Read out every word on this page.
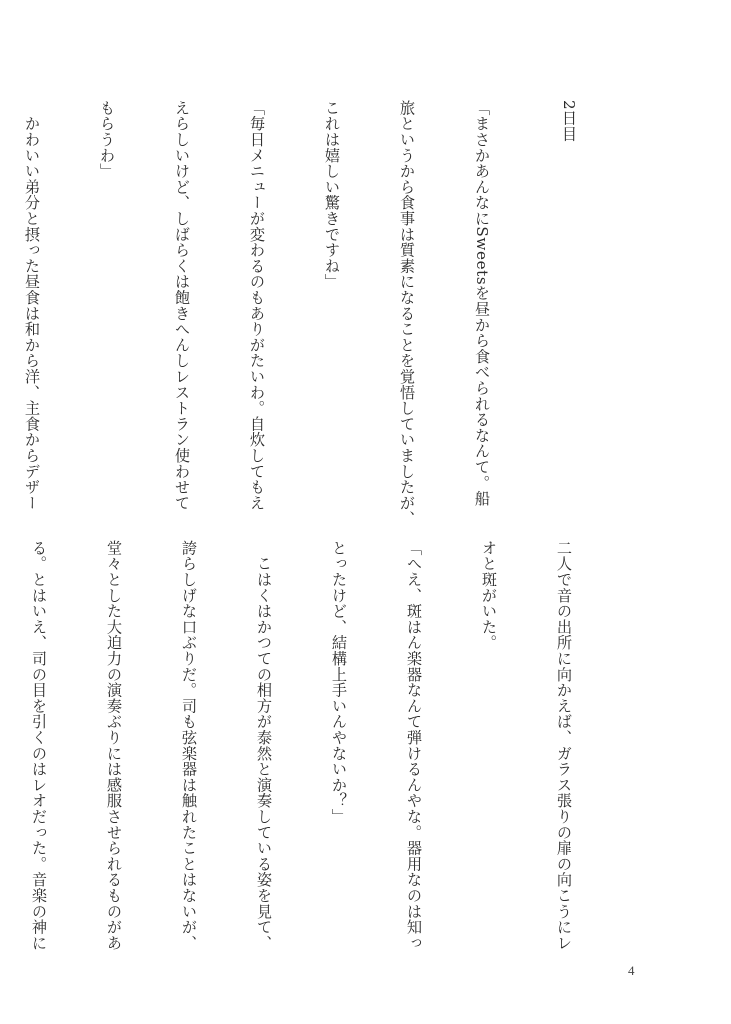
2日目

「まさかあんなにSweetsを昼から食べられるなんて。船

旅というから食事は質素になることを覚悟していましたが、

これは嬉しい驚きですね」

「毎日メニューが変わるのもありがたいわ。自炊してもえ

えらしいけど、しばらくは飽きへんしレストラン使わせて

もらうわ」

　かわいい弟分と摂った昼食は和から洋、主食からデザー

二人で音の出所に向かえば、ガラス張りの扉の向こうにレ

オと斑がいた。

「へえ、斑はん楽器なんて弾けるんやな。器用なのは知っ

とったけど、結構上手いんやないか？」

　こはくはかつての相方が泰然と演奏している姿を見て、

誇らしげな口ぶりだ。司も弦楽器は触れたことはないが、

堂々とした大迫力の演奏ぶりには感服させられるものがあ

る。とはいえ、司の目を引くのはレオだった。音楽の神に

4
